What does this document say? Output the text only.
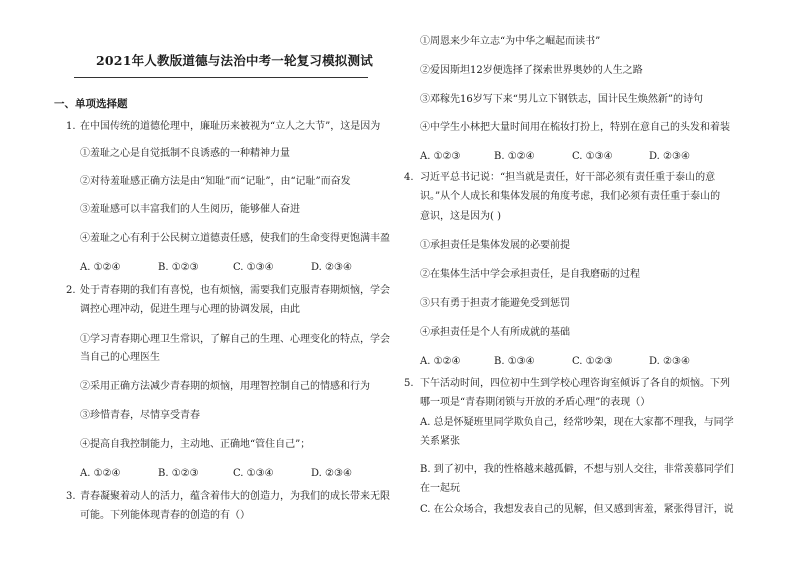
2021年人教版道德与法治中考一轮复习模拟测试
一、单项选择题
1. 在中国传统的道德伦理中，廉耻历来被视为“立人之大节”，这是因为
①羞耻之心是自觉抵制不良诱惑的一种精神力量
②对待羞耻感正确方法是由“知耻”而“记耻”，由“记耻”而奋发
③羞耻感可以丰富我们的人生阅历，能够催人奋进
④羞耻之心有利于公民树立道德责任感，使我们的生命变得更饱满丰盈
A. ①②④	B. ①②③	C. ①③④	D. ②③④
2. 处于青春期的我们有喜悦，也有烦恼，需要我们克服青春期烦恼，学会
调控心理冲动，促进生理与心理的协调发展，由此
①学习青春期心理卫生常识，了解自己的生理、心理变化的特点，学会
当自己的心理医生
②采用正确方法减少青春期的烦恼，用理智控制自己的情感和行为
③珍惜青春，尽情享受青春
④提高自我控制能力，主动地、正确地“管住自己”；
A. ①②④	B. ①②③	C. ①③④	D. ②③④
3. 青春凝聚着动人的活力，蕴含着伟大的创造力，为我们的成长带来无限
可能。下列能体现青春的创造的有（）
①周恩来少年立志“为中华之崛起而读书”
②爱因斯坦12岁便选择了探索世界奥妙的人生之路
③邓稼先16岁写下来“男儿立下钢铁志，国计民生焕然新”的诗句
④中学生小林把大量时间用在梳妆打扮上，特别在意自己的头发和着装
A. ①②③	B. ①②④	C. ①③④	D. ②③④
4. 习近平总书记说：“担当就是责任，好干部必须有责任重于泰山的意
识。”从个人成长和集体发展的角度考虑，我们必须有责任重于泰山的
意识，这是因为( )
①承担责任是集体发展的必要前提
②在集体生活中学会承担责任，是自我磨砺的过程
③只有勇于担责才能避免受到惩罚
④承担责任是个人有所成就的基础
A. ①②④	B. ①③④	C. ①②③	D. ②③④
5. 下午活动时间，四位初中生到学校心理咨询室倾诉了各自的烦恼。下列
哪一项是“青春期闭锁与开放的矛盾心理”的表现（）
A. 总是怀疑班里同学欺负自己，经常吵架，现在大家都不理我，与同学
关系紧张
B. 到了初中，我的性格越来越孤僻，不想与别人交往，非常羡慕同学们
在一起玩
C. 在公众场合，我想发表自己的见解，但又感到害羞，紧张得冒汗，说
